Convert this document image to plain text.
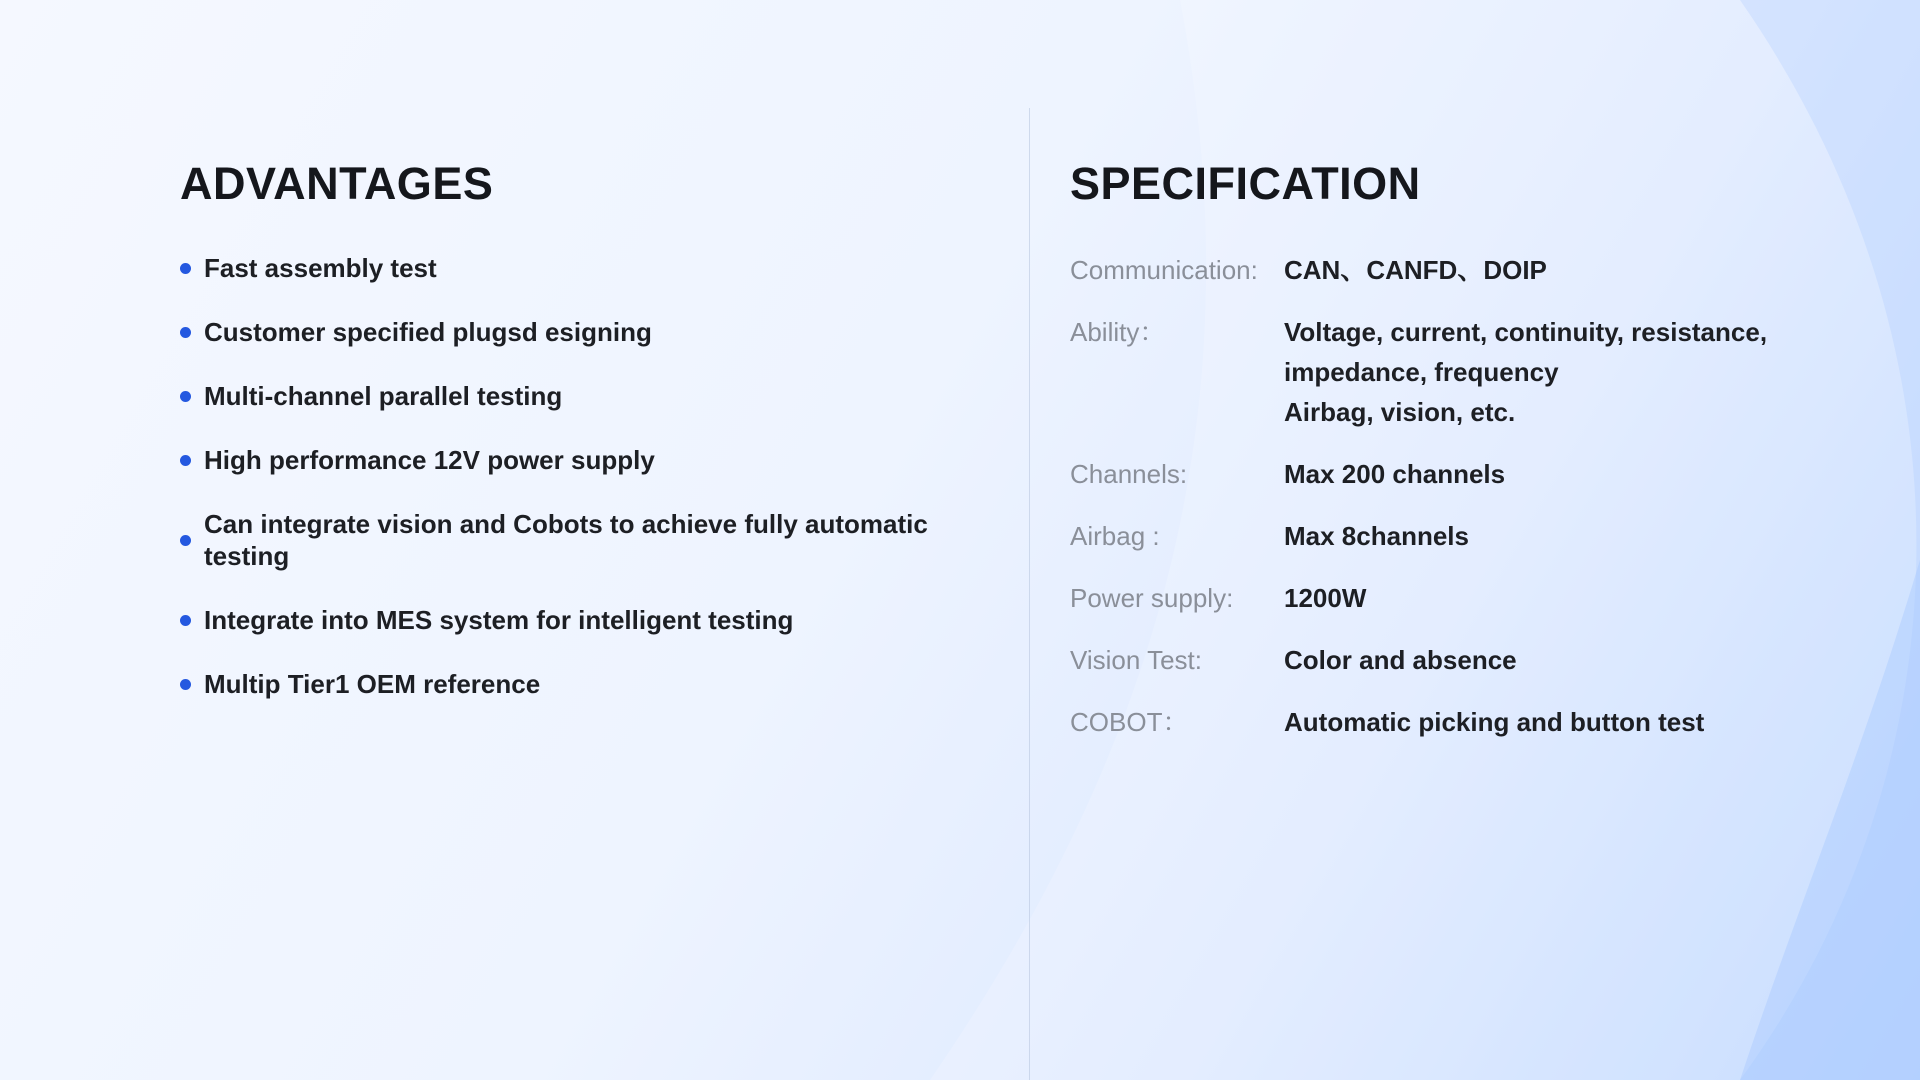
ADVANTAGES
Fast assembly test
Customer specified plugsd esigning
Multi-channel parallel testing
High performance 12V power supply
Can integrate vision and Cobots to achieve fully automatic testing
Integrate into MES system for intelligent testing
Multip Tier1 OEM reference
SPECIFICATION
Communication:	CAN、CANFD、DOIP
Ability：	Voltage, current, continuity, resistance,
impedance, frequency
Airbag, vision, etc.
Channels:	Max 200 channels
Airbag :	Max 8channels
Power supply:	1200W
Vision Test:	Color and absence
COBOT：	Automatic picking and button test
